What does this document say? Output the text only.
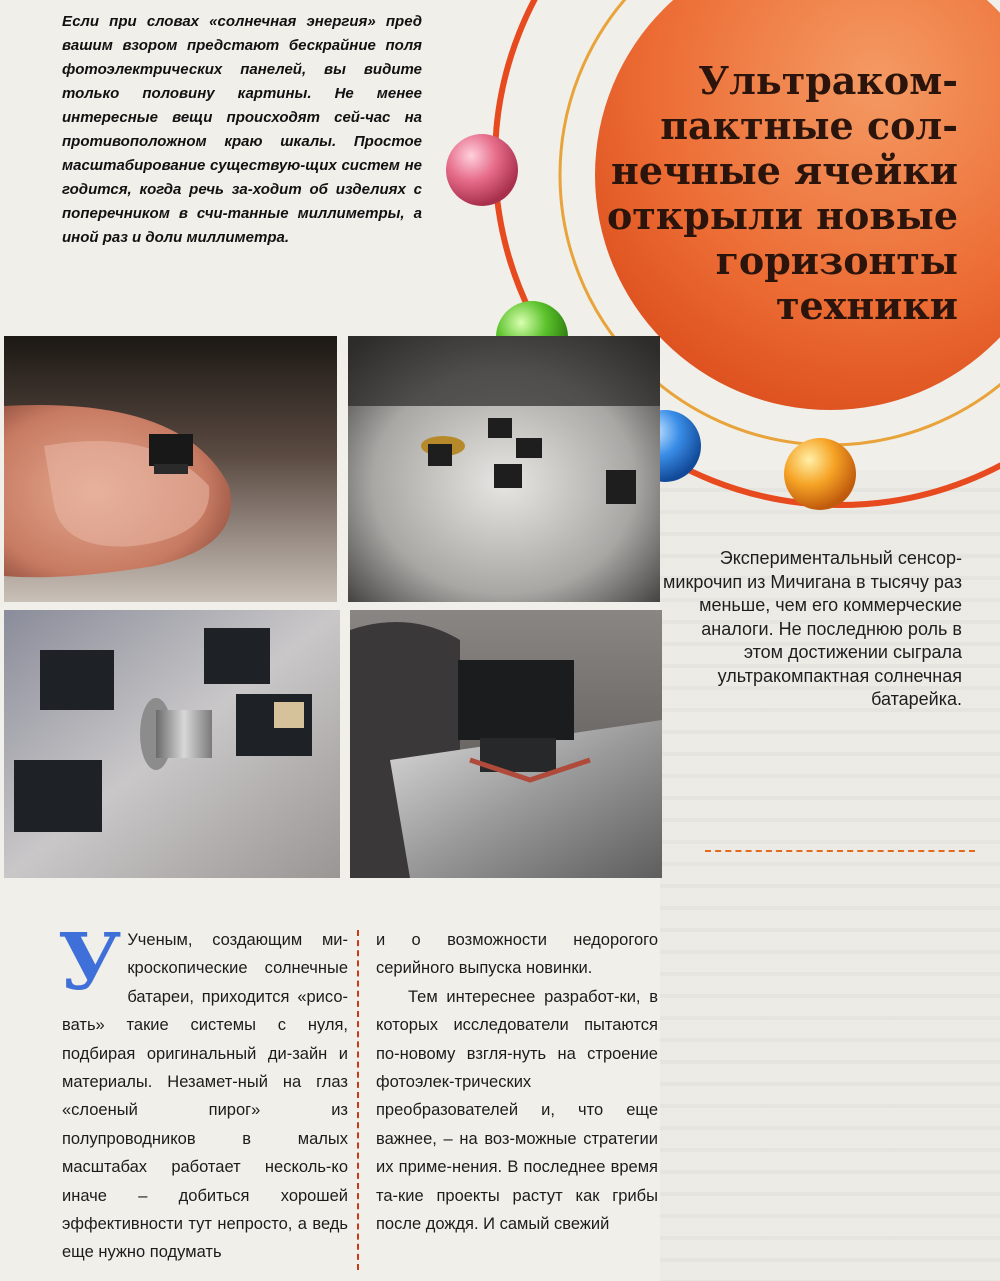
Если при словах «солнечная энергия» пред вашим взором предстают бескрайние поля фотоэлектрических панелей, вы видите только половину картины. Не менее интересные вещи происходят сей-час на противоположном краю шкалы. Простое масштабирование существую-щих систем не годится, когда речь за-ходит об изделиях с поперечником в счи-танные миллиметры, а иной раз и доли миллиметра.

Ультраком-пактные сол-нечные ячейки открыли новые горизонты техники

Экспериментальный сенсор-микрочип из Мичигана в тысячу раз меньше, чем его коммерческие аналоги. Не последнюю роль в этом достижении сыграла ультракомпактная солнечная батарейка.

У Ученым, создающим ми-кроскопические солнечные батареи, приходится «рисо-вать» такие системы с нуля, подбирая оригинальный ди-зайн и материалы. Незамет-ный на глаз «слоеный пирог» из полупроводников в малых масштабах работает несколь-ко иначе – добиться хорошей эффективности тут непросто, а ведь еще нужно подумать

и о возможности недорогого серийного выпуска новинки.

Тем интереснее разработ-ки, в которых исследователи пытаются по-новому взгля-нуть на строение фотоэлек-трических преобразователей и, что еще важнее, – на воз-можные стратегии их приме-нения. В последнее время та-кие проекты растут как грибы после дождя. И самый свежий
